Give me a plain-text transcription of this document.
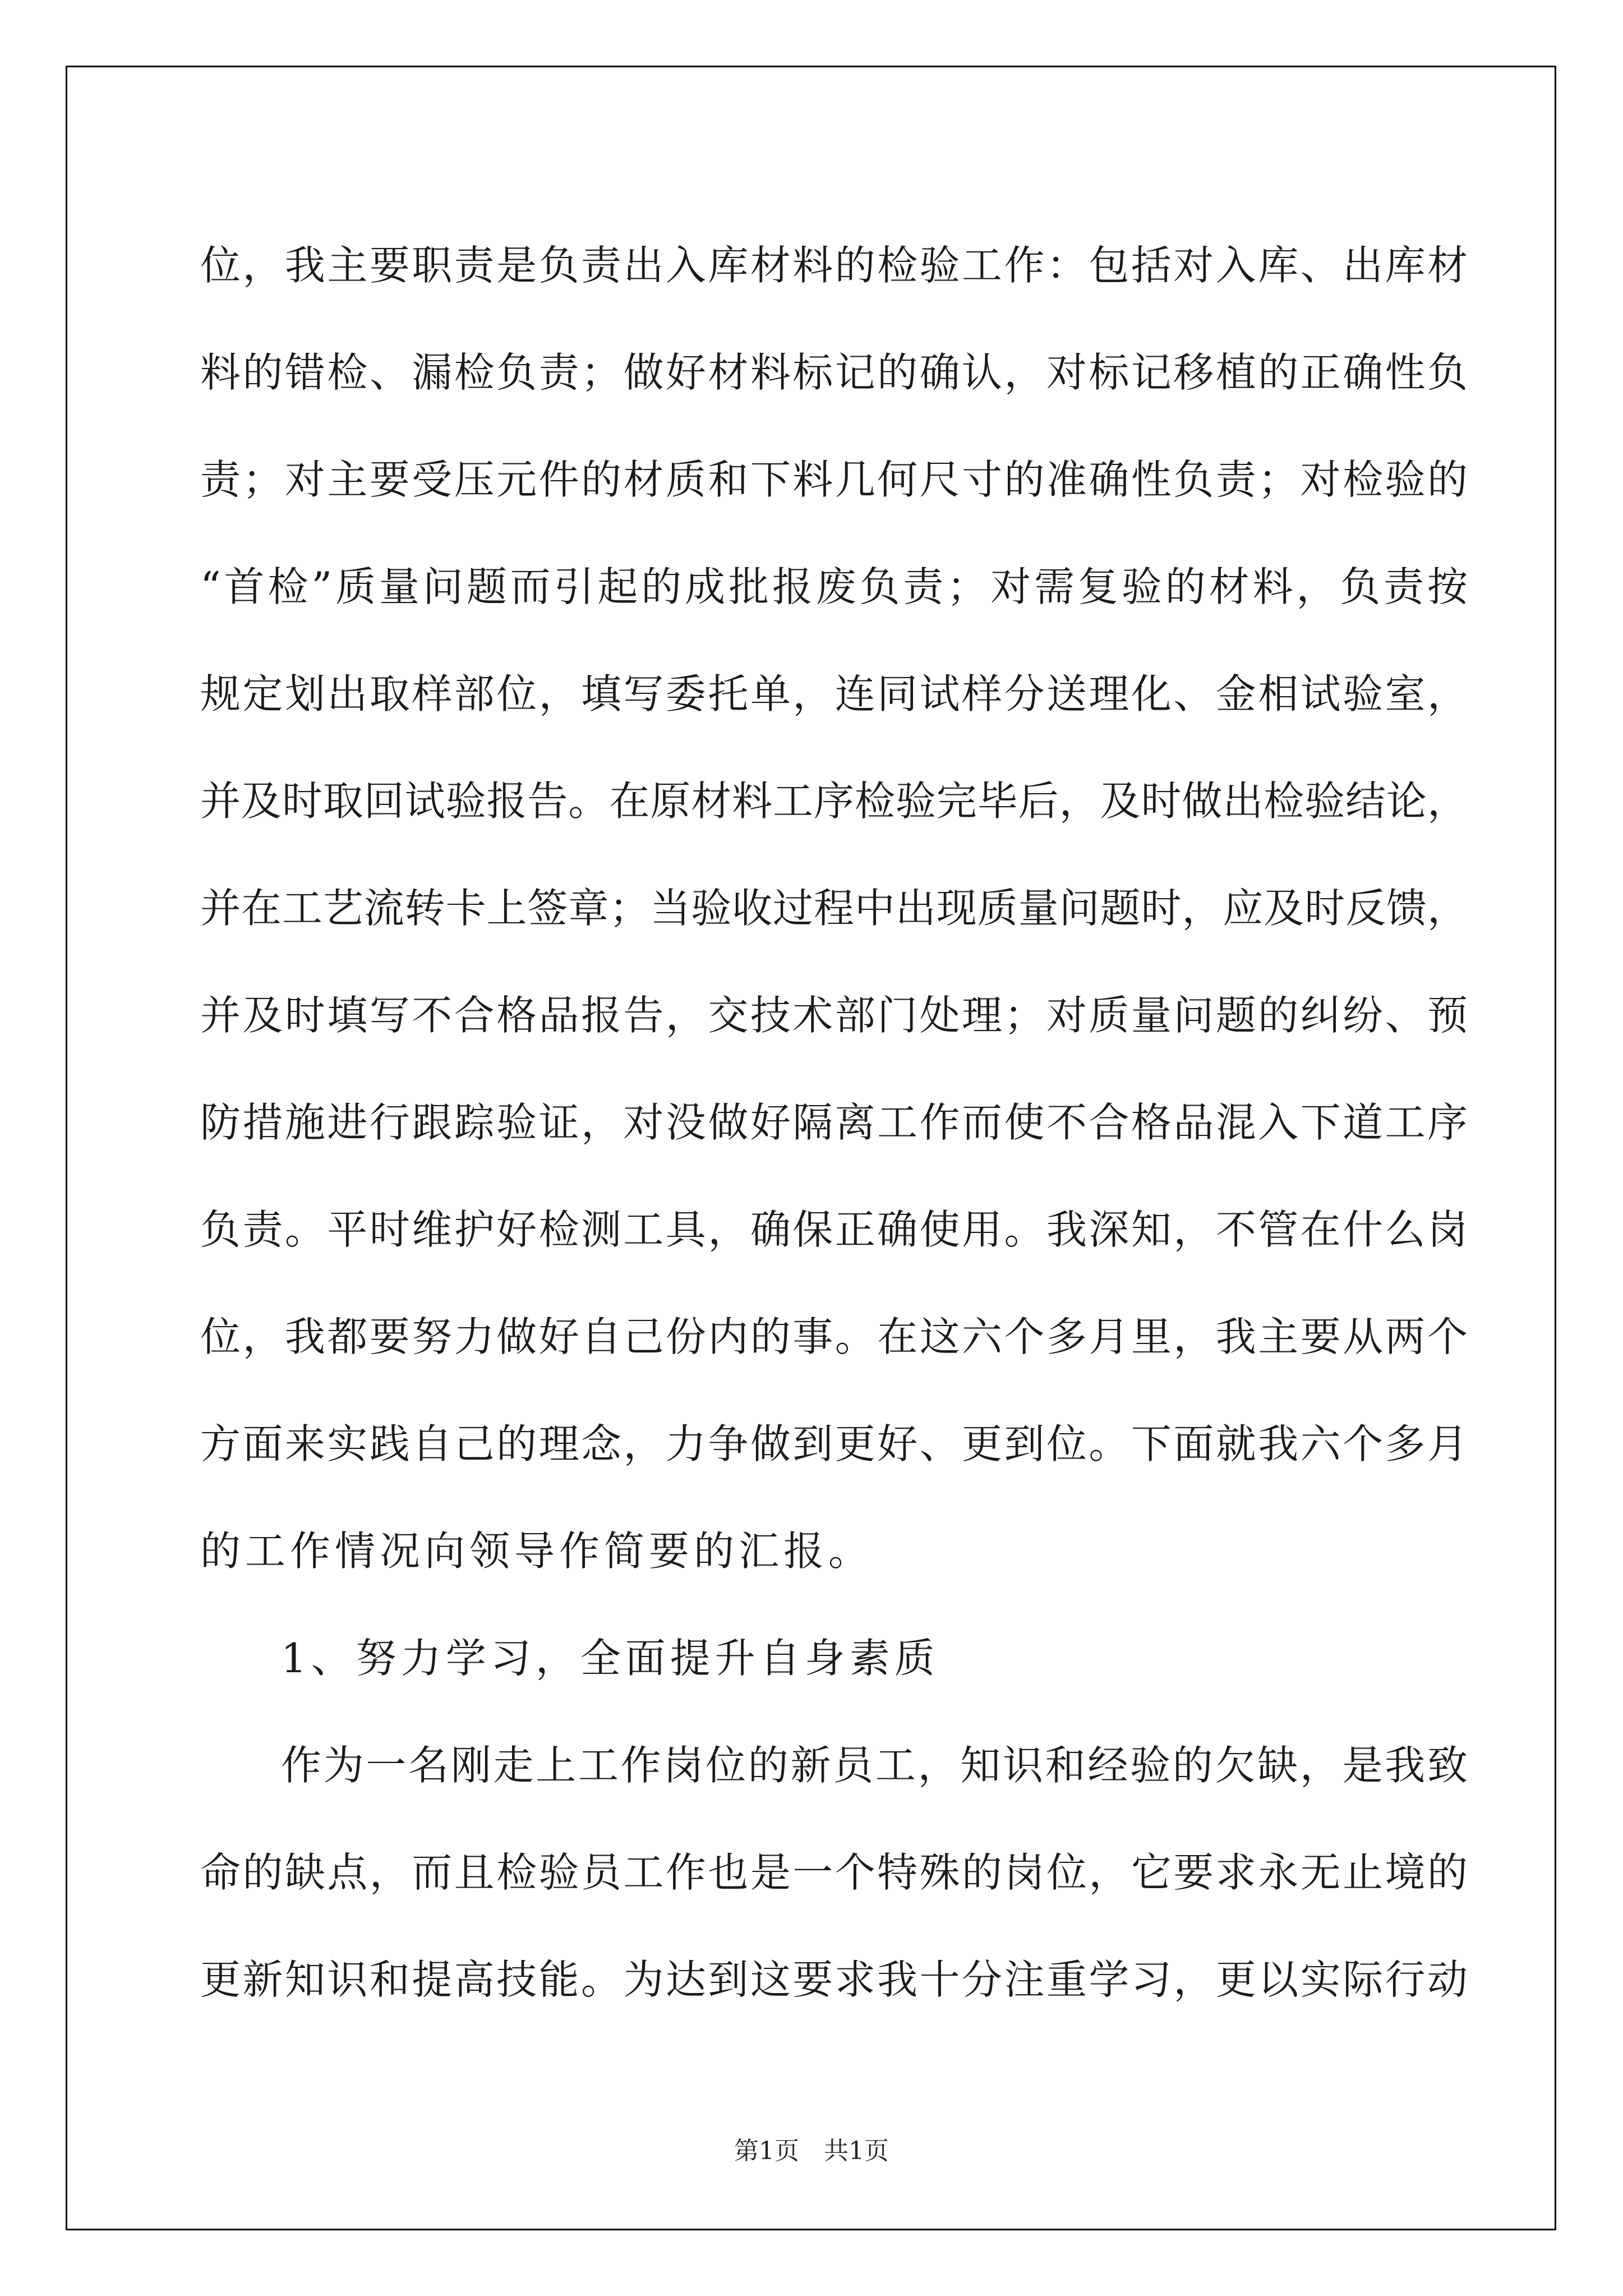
位，我主要职责是负责出入库材料的检验工作：包括对入库、出库材
料的错检、漏检负责；做好材料标记的确认，对标记移植的正确性负
责；对主要受压元件的材质和下料几何尺寸的准确性负责；对检验的
“首检”质量问题而引起的成批报废负责；对需复验的材料，负责按
规定划出取样部位，填写委托单，连同试样分送理化、金相试验室，
并及时取回试验报告。在原材料工序检验完毕后，及时做出检验结论，
并在工艺流转卡上签章；当验收过程中出现质量问题时，应及时反馈，
并及时填写不合格品报告，交技术部门处理；对质量问题的纠纷、预
防措施进行跟踪验证，对没做好隔离工作而使不合格品混入下道工序
负责。平时维护好检测工具，确保正确使用。我深知，不管在什么岗
位，我都要努力做好自己份内的事。在这六个多月里，我主要从两个
方面来实践自己的理念，力争做到更好、更到位。下面就我六个多月
的工作情况向领导作简要的汇报。
1、努力学习，全面提升自身素质
作为一名刚走上工作岗位的新员工，知识和经验的欠缺，是我致
命的缺点，而且检验员工作也是一个特殊的岗位，它要求永无止境的
更新知识和提高技能。为达到这要求我十分注重学习，更以实际行动
第1页 共1页
